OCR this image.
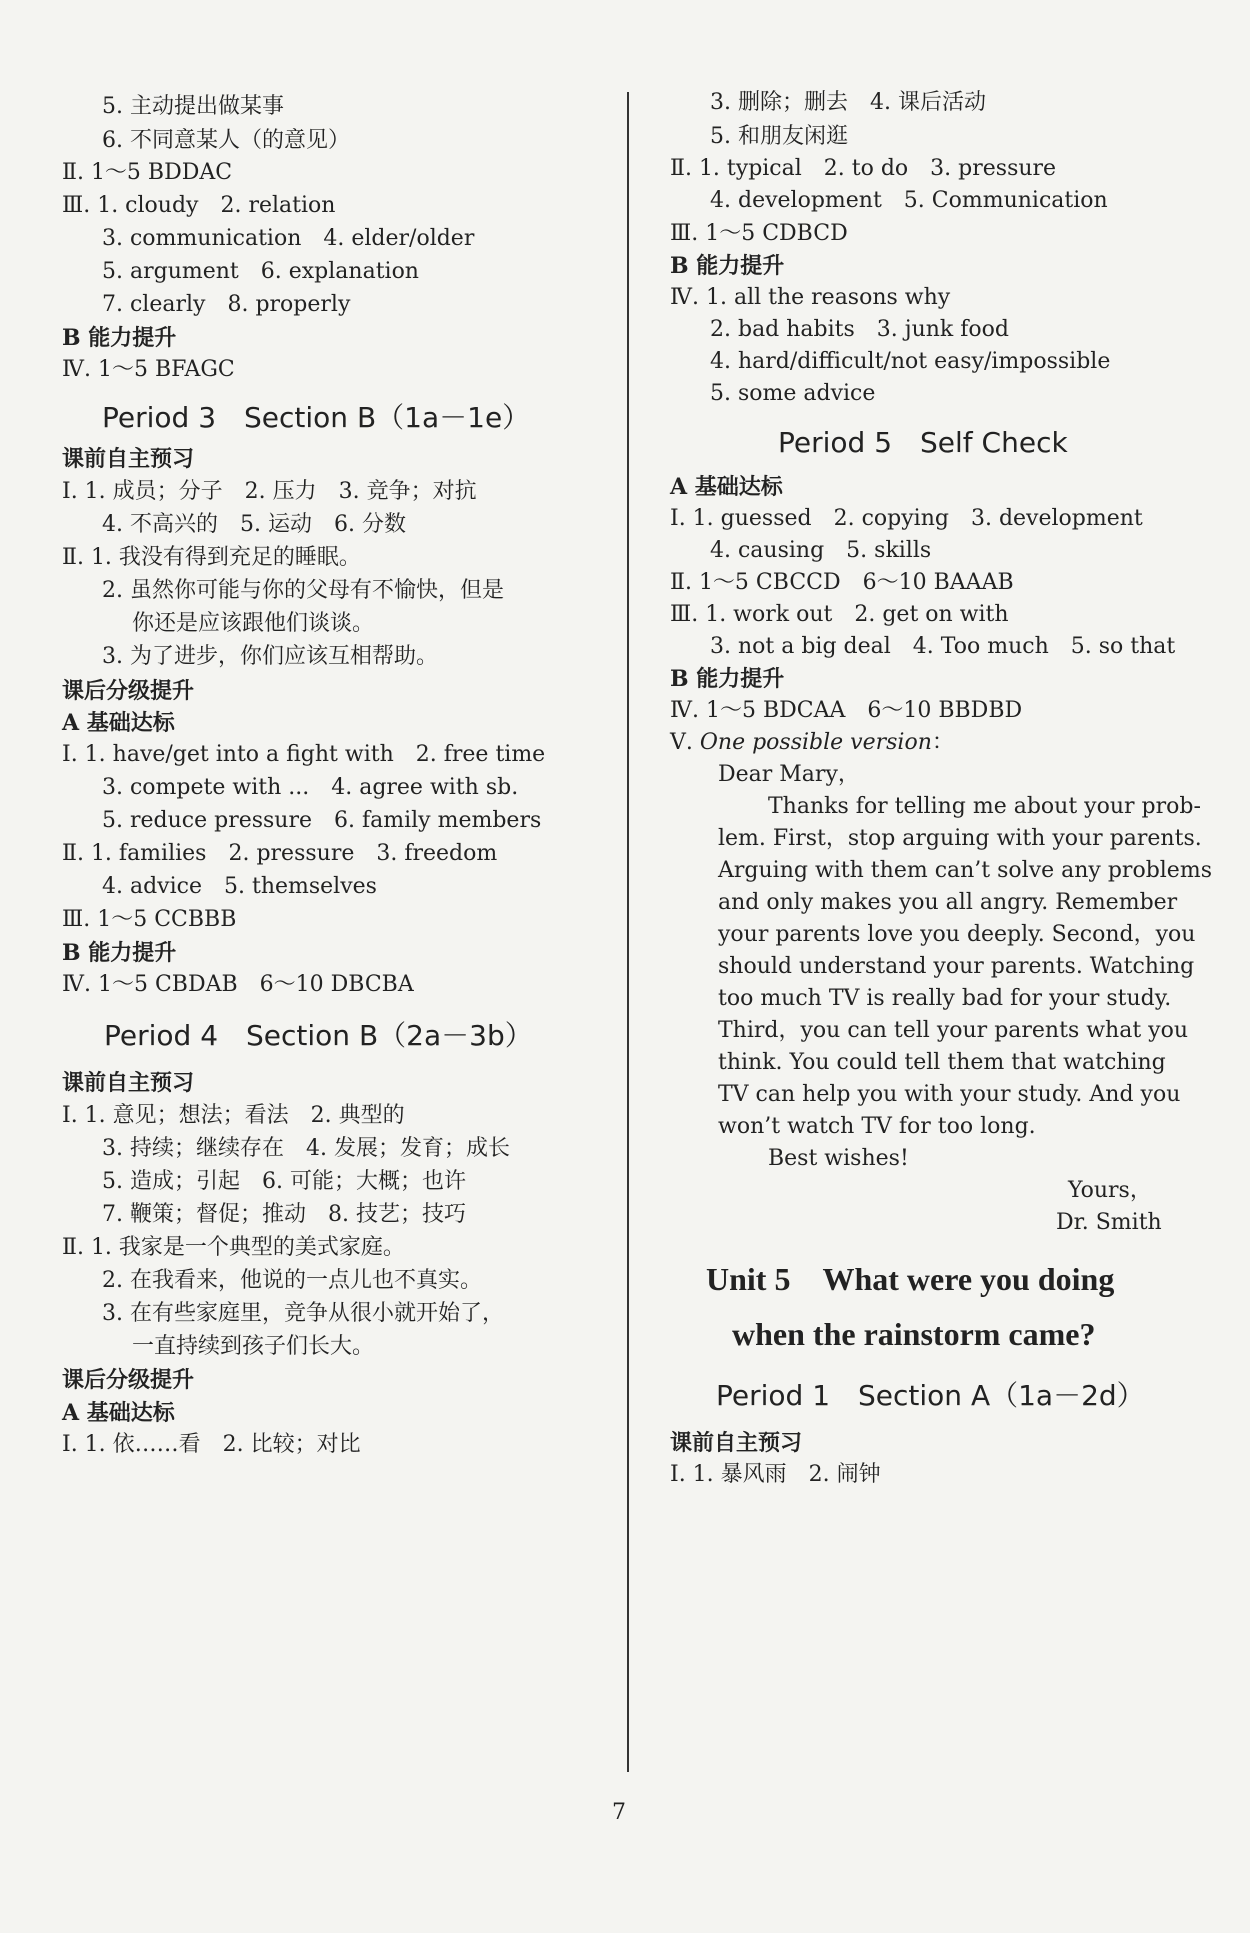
5. 主动提出做某事
6. 不同意某人（的意见）
Ⅱ. 1～5 BDDAC
Ⅲ. 1. cloudy　2. relation
3. communication　4. elder/older
5. argument　6. explanation
7. clearly　8. properly
B 能力提升
Ⅳ. 1～5 BFAGC
Period 3　Section B（1a－1e）
课前自主预习
Ⅰ. 1. 成员；分子　2. 压力　3. 竞争；对抗
4. 不高兴的　5. 运动　6. 分数
Ⅱ. 1. 我没有得到充足的睡眠。
2. 虽然你可能与你的父母有不愉快，但是
你还是应该跟他们谈谈。
3. 为了进步，你们应该互相帮助。
课后分级提升
A 基础达标
Ⅰ. 1. have/get into a fight with　2. free time
3. compete with ...　4. agree with sb.
5. reduce pressure　6. family members
Ⅱ. 1. families　2. pressure　3. freedom
4. advice　5. themselves
Ⅲ. 1～5 CCBBB
B 能力提升
Ⅳ. 1～5 CBDAB　6～10 DBCBA
Period 4　Section B（2a－3b）
课前自主预习
Ⅰ. 1. 意见；想法；看法　2. 典型的
3. 持续；继续存在　4. 发展；发育；成长
5. 造成；引起　6. 可能；大概；也许
7. 鞭策；督促；推动　8. 技艺；技巧
Ⅱ. 1. 我家是一个典型的美式家庭。
2. 在我看来，他说的一点儿也不真实。
3. 在有些家庭里，竞争从很小就开始了，
一直持续到孩子们长大。
课后分级提升
A 基础达标
Ⅰ. 1. 依……看　2. 比较；对比
3. 删除；删去　4. 课后活动
5. 和朋友闲逛
Ⅱ. 1. typical　2. to do　3. pressure
4. development　5. Communication
Ⅲ. 1～5 CDBCD
B 能力提升
Ⅳ. 1. all the reasons why
2. bad habits　3. junk food
4. hard/difficult/not easy/impossible
5. some advice
Period 5　Self Check
A 基础达标
Ⅰ. 1. guessed　2. copying　3. development
4. causing　5. skills
Ⅱ. 1～5 CBCCD　6～10 BAAAB
Ⅲ. 1. work out　2. get on with
3. not a big deal　4. Too much　5. so that
B 能力提升
Ⅳ. 1～5 BDCAA　6～10 BBDBD
Ⅴ. One possible version：
Dear Mary，
Thanks for telling me about your prob-
lem. First，stop arguing with your parents.
Arguing with them can’t solve any problems
and only makes you all angry. Remember
your parents love you deeply. Second，you
should understand your parents. Watching
too much TV is really bad for your study.
Third，you can tell your parents what you
think. You could tell them that watching
TV can help you with your study. And you
won’t watch TV for too long.
Best wishes!
Yours，
Dr. Smith
Unit 5　What were you doing
when the rainstorm came?
Period 1　Section A（1a－2d）
课前自主预习
Ⅰ. 1. 暴风雨　2. 闹钟
7
